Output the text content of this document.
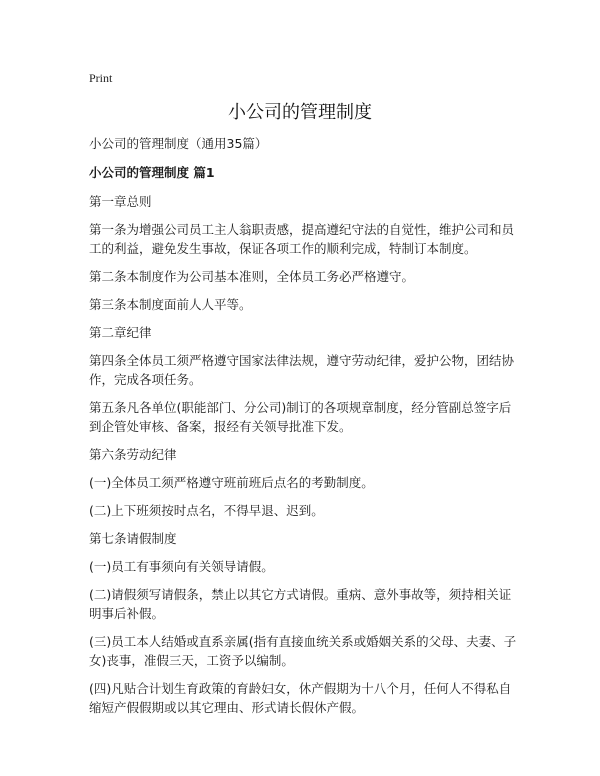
Print
小公司的管理制度

小公司的管理制度（通用35篇）

小公司的管理制度 篇1

第一章总则

第一条为增强公司员工主人翁职责感，提高遵纪守法的自觉性，维护公司和员工的利益，避免发生事故，保证各项工作的顺利完成，特制订本制度。

第二条本制度作为公司基本准则，全体员工务必严格遵守。

第三条本制度面前人人平等。

第二章纪律

第四条全体员工须严格遵守国家法律法规，遵守劳动纪律，爱护公物，团结协作，完成各项任务。

第五条凡各单位(职能部门、分公司)制订的各项规章制度，经分管副总签字后到企管处审核、备案，报经有关领导批准下发。

第六条劳动纪律

(一)全体员工须严格遵守班前班后点名的考勤制度。

(二)上下班须按时点名，不得早退、迟到。

第七条请假制度

(一)员工有事须向有关领导请假。

(二)请假须写请假条，禁止以其它方式请假。重病、意外事故等，须持相关证明事后补假。

(三)员工本人结婚或直系亲属(指有直接血统关系或婚姻关系的父母、夫妻、子女)丧事，准假三天，工资予以编制。

(四)凡贴合计划生育政策的育龄妇女，休产假期为十八个月，任何人不得私自缩短产假假期或以其它理由、形式请长假休产假。
